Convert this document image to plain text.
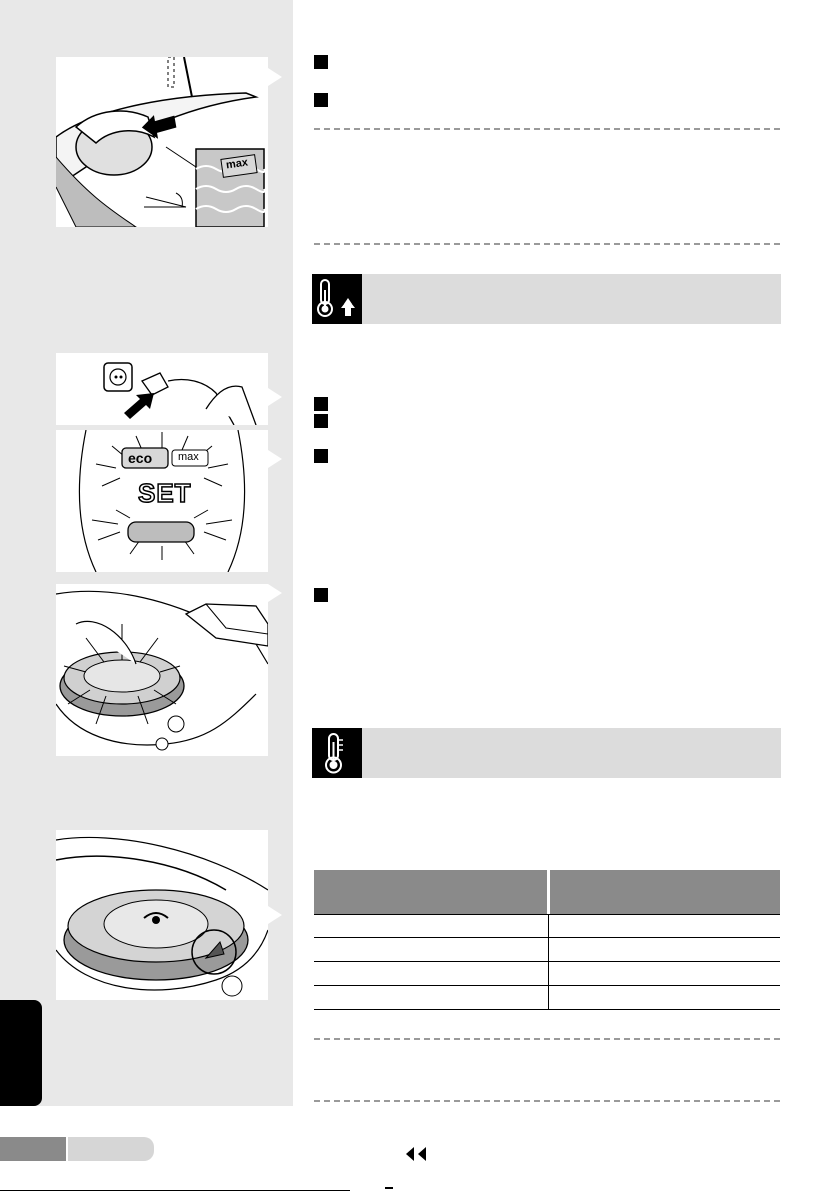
max
eco max
SET
